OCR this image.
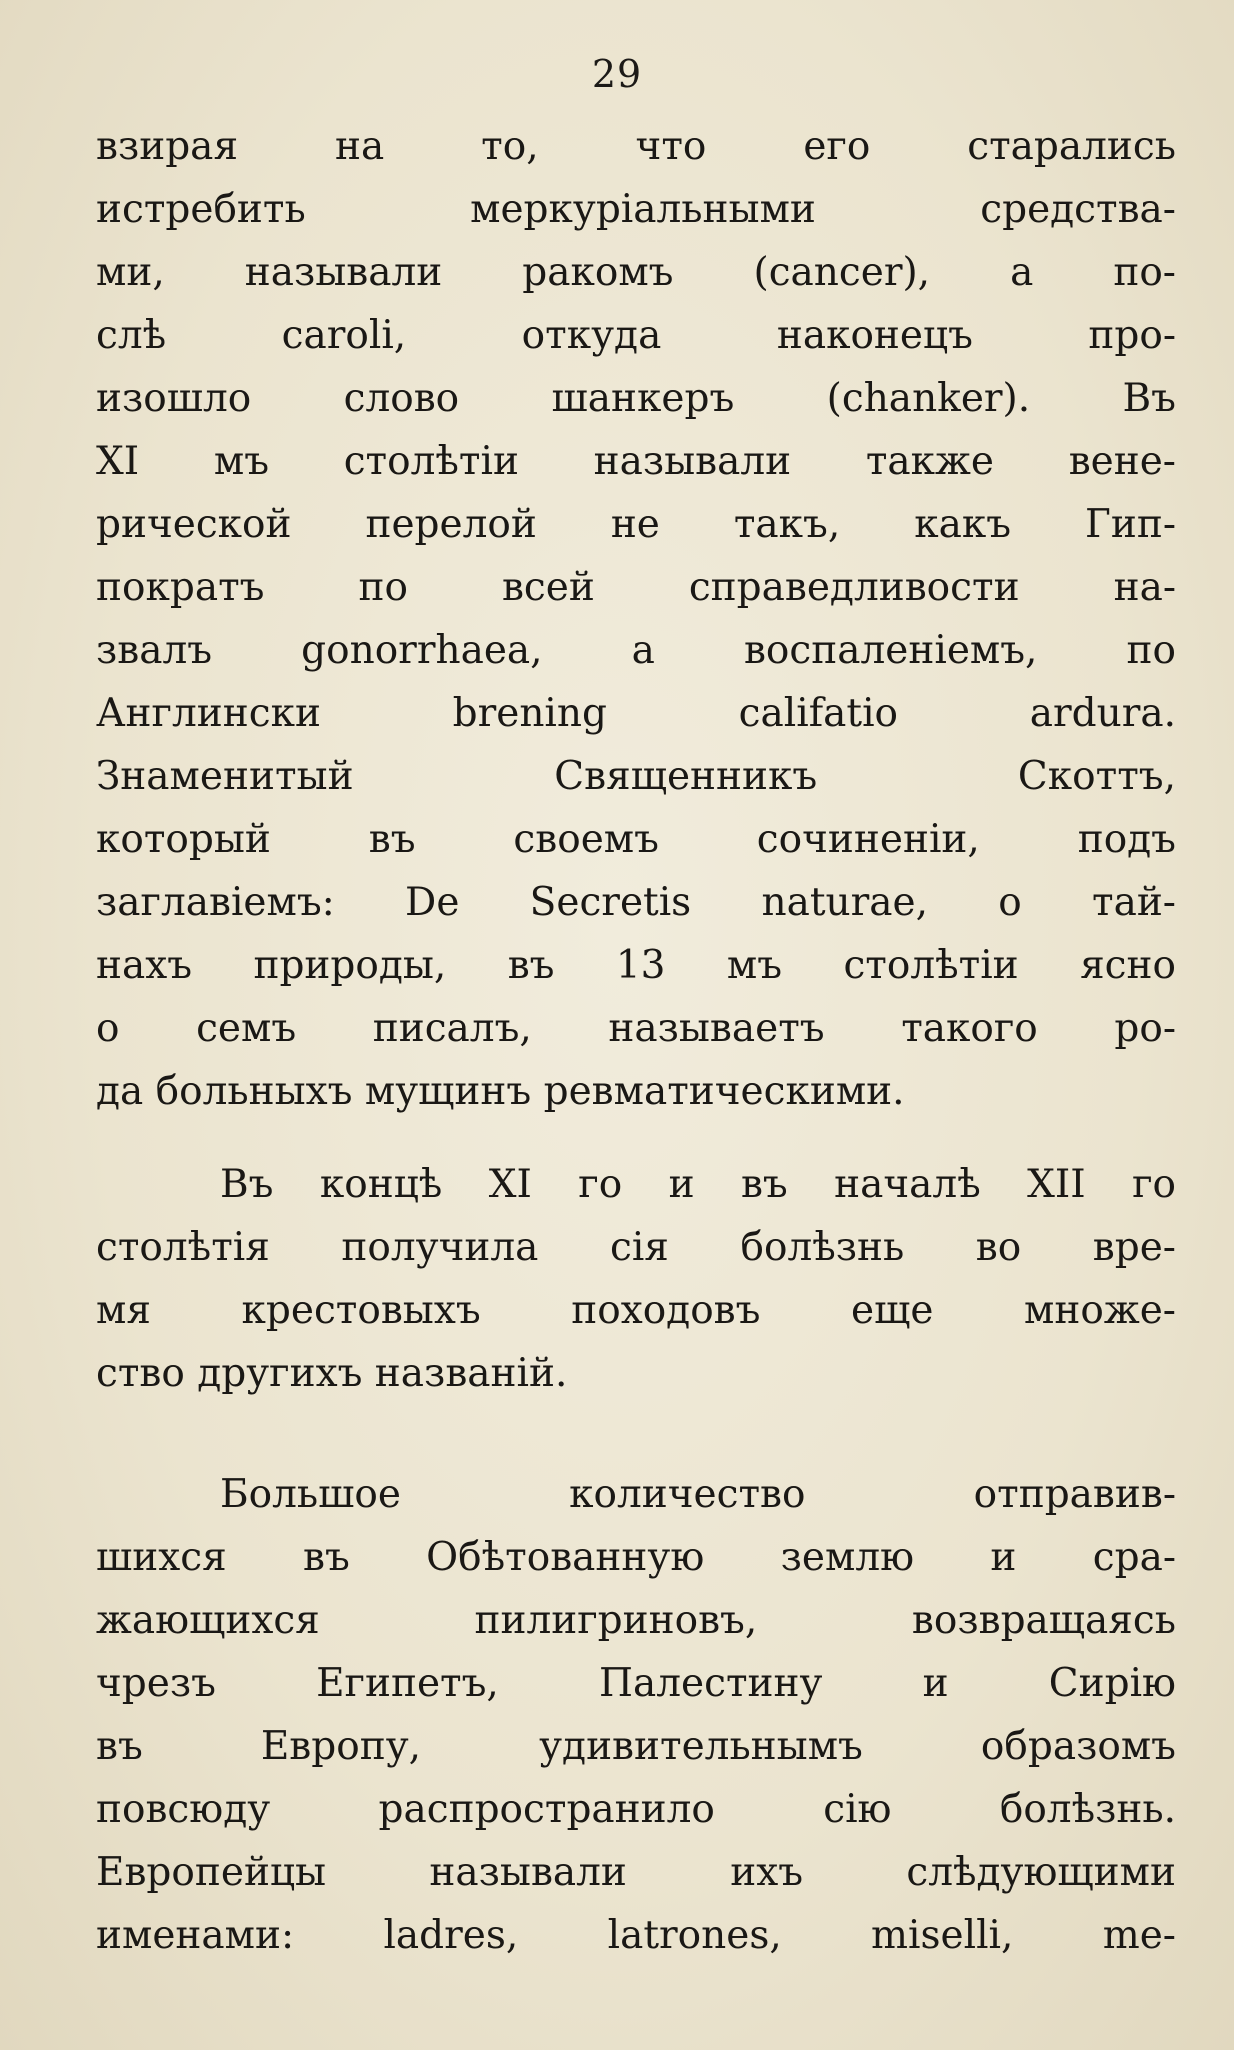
29
взирая на то, что его старались
истребить меркуріальными средства-
ми, называли ракомъ (cancer), а по-
слѣ caroli, откуда наконецъ про-
изошло слово шанкеръ (chanker). Въ
XI мъ столѣтіи называли также вене-
рической перелой не такъ, какъ Гип-
пократъ по всей справедливости на-
звалъ gonorrhaea, а воспаленіемъ, по
Англински brening califatio ardura.
Знаменитый Священникъ Скоттъ,
который въ своемъ сочиненіи, подъ
заглавіемъ: De Secretis naturae, о тай-
нахъ природы, въ 13 мъ столѣтіи ясно
о семъ писалъ, называетъ такого ро-
да больныхъ мущинъ ревматическими.
Въ концѣ XI го и въ началѣ XII го
столѣтія получила сія болѣзнь во вре-
мя крестовыхъ походовъ еще множе-
ство другихъ названій.
Большое количество отправив-
шихся въ Обѣтованную землю и сра-
жающихся пилигриновъ, возвращаясь
чрезъ Египетъ, Палестину и Сирію
въ Европу, удивительнымъ образомъ
повсюду распространило сію болѣзнь.
Европейцы называли ихъ слѣдующими
именами: ladres, latrones, miselli, me-
